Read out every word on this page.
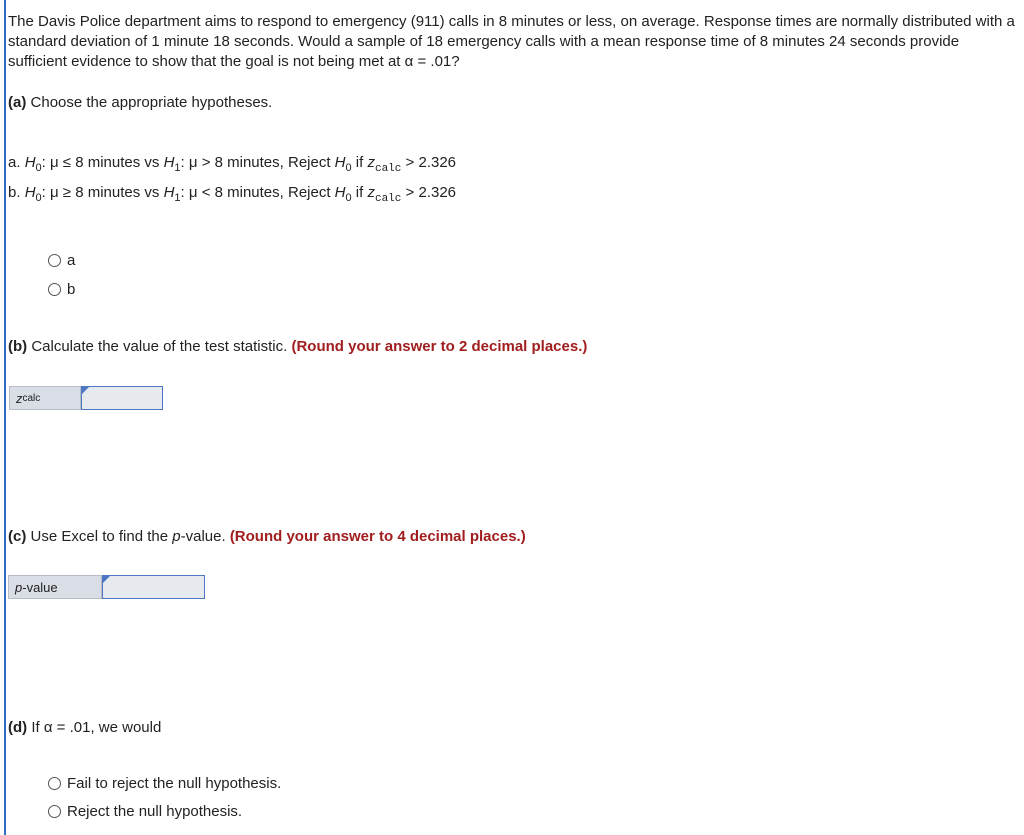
The Davis Police department aims to respond to emergency (911) calls in 8 minutes or less, on average. Response times are normally distributed with a standard deviation of 1 minute 18 seconds. Would a sample of 18 emergency calls with a mean response time of 8 minutes 24 seconds provide sufficient evidence to show that the goal is not being met at α = .01?

(a) Choose the appropriate hypotheses.
a. $H_0$: μ ≤ 8 minutes vs $H_1$: μ > 8 minutes, Reject $H_0$ if $z_{calc} > 2.326$
b. $H_0$: μ ≥ 8 minutes vs $H_1$: μ < 8 minutes, Reject $H_0$ if $z_{calc} > 2.326$
a
b
(b) Calculate the value of the test statistic. (Round your answer to 2 decimal places.)
z calc
(c) Use Excel to find the p-value. (Round your answer to 4 decimal places.)
p -value
(d) If α = .01, we would
Fail to reject the null hypothesis.
Reject the null hypothesis.
